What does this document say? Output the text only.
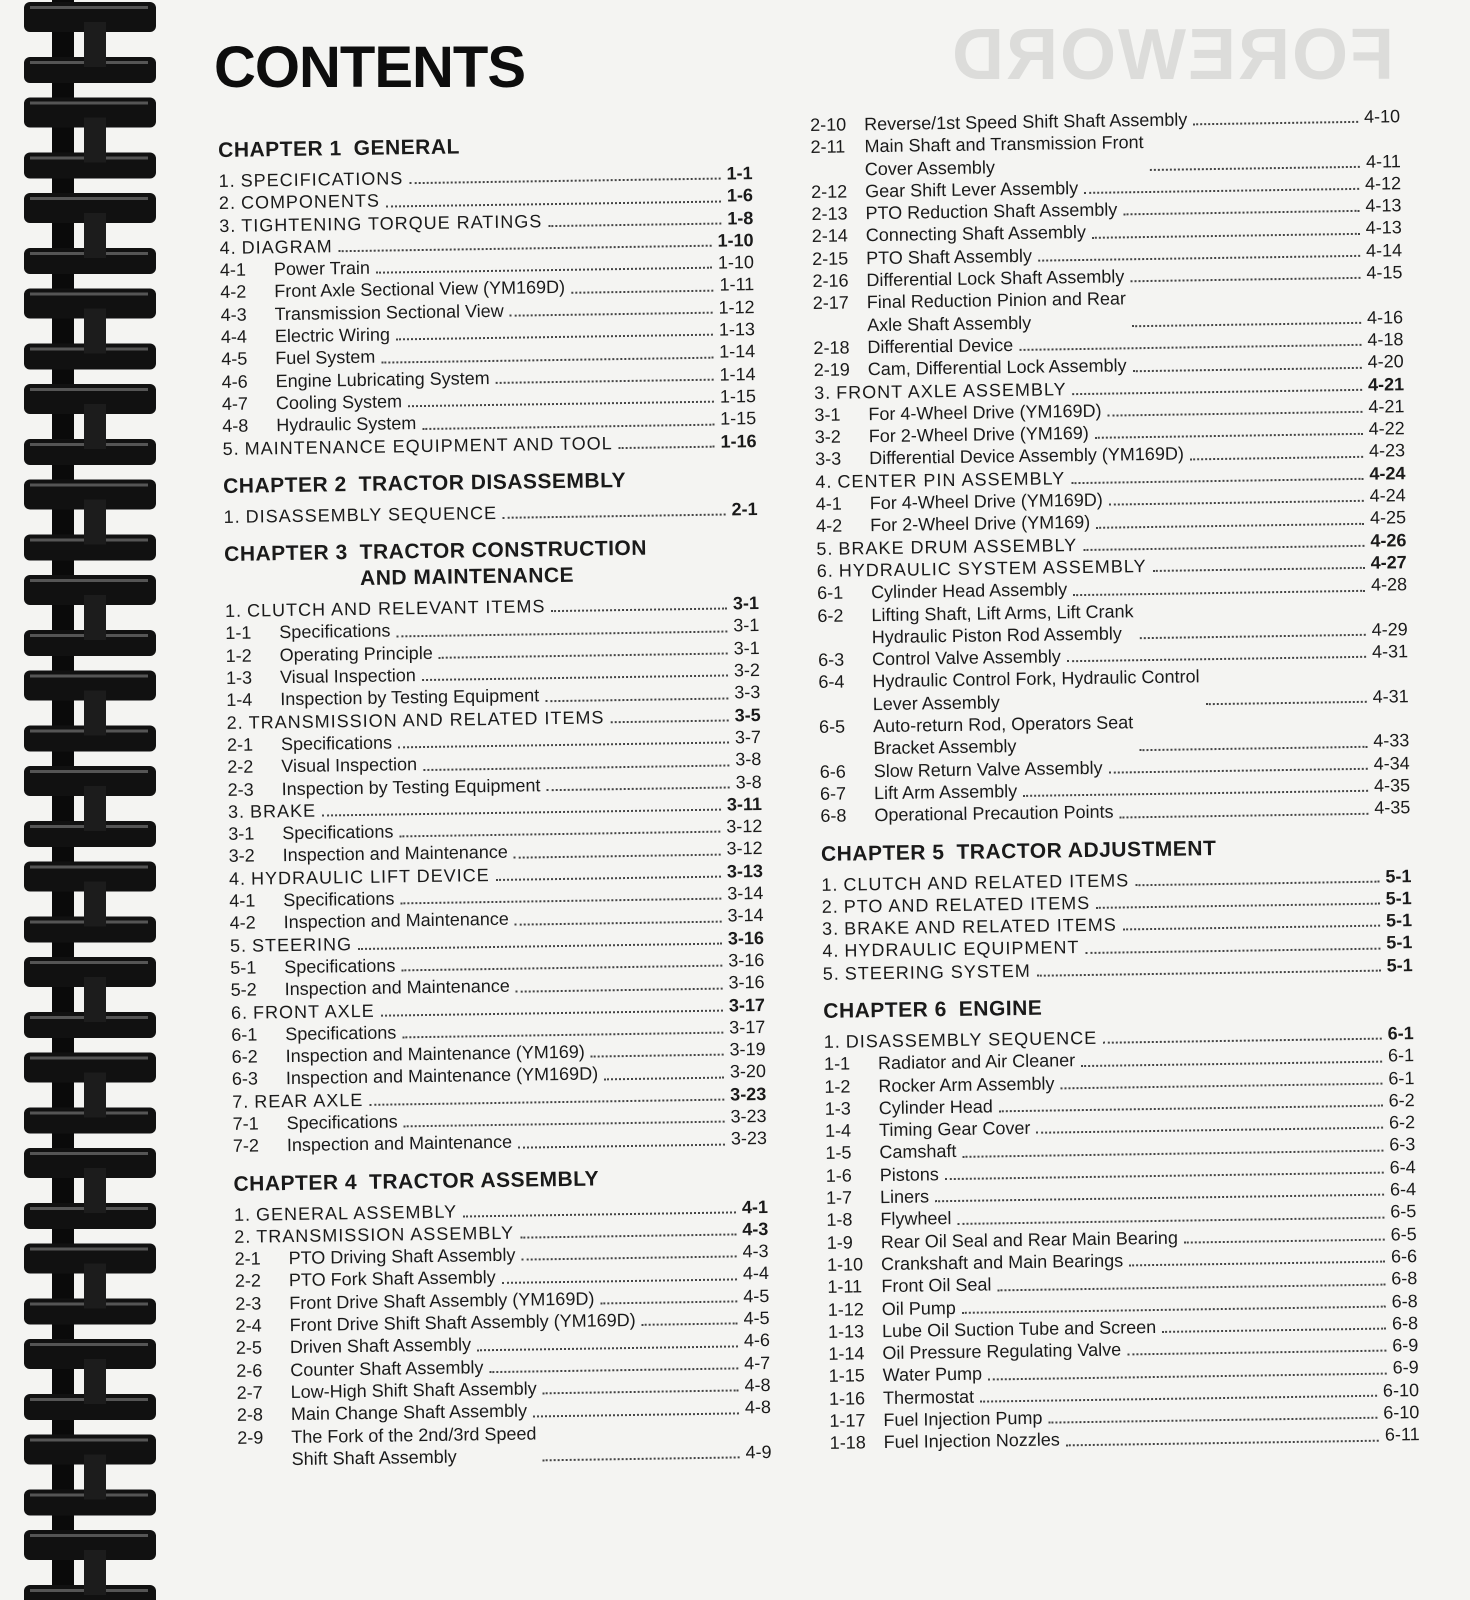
FOREWORD
CONTENTS
CHAPTER 1 GENERAL
1. SPECIFICATIONS	1-1
2. COMPONENTS	1-6
3. TIGHTENING TORQUE RATINGS	1-8
4. DIAGRAM	1-10
4-1	Power Train	1-10
4-2	Front Axle Sectional View (YM169D)	1-11
4-3	Transmission Sectional View	1-12
4-4	Electric Wiring	1-13
4-5	Fuel System	1-14
4-6	Engine Lubricating System	1-14
4-7	Cooling System	1-15
4-8	Hydraulic System	1-15
5. MAINTENANCE EQUIPMENT AND TOOL	1-16
CHAPTER 2 TRACTOR DISASSEMBLY
1. DISASSEMBLY SEQUENCE	2-1
CHAPTER 3 TRACTOR CONSTRUCTION
AND MAINTENANCE
1. CLUTCH AND RELEVANT ITEMS	3-1
1-1	Specifications	3-1
1-2	Operating Principle	3-1
1-3	Visual Inspection	3-2
1-4	Inspection by Testing Equipment	3-3
2. TRANSMISSION AND RELATED ITEMS	3-5
2-1	Specifications	3-7
2-2	Visual Inspection	3-8
2-3	Inspection by Testing Equipment	3-8
3. BRAKE	3-11
3-1	Specifications	3-12
3-2	Inspection and Maintenance	3-12
4. HYDRAULIC LIFT DEVICE	3-13
4-1	Specifications	3-14
4-2	Inspection and Maintenance	3-14
5. STEERING	3-16
5-1	Specifications	3-16
5-2	Inspection and Maintenance	3-16
6. FRONT AXLE	3-17
6-1	Specifications	3-17
6-2	Inspection and Maintenance (YM169)	3-19
6-3	Inspection and Maintenance (YM169D)	3-20
7. REAR AXLE	3-23
7-1	Specifications	3-23
7-2	Inspection and Maintenance	3-23
CHAPTER 4 TRACTOR ASSEMBLY
1. GENERAL ASSEMBLY	4-1
2. TRANSMISSION ASSEMBLY	4-3
2-1	PTO Driving Shaft Assembly	4-3
2-2	PTO Fork Shaft Assembly	4-4
2-3	Front Drive Shaft Assembly (YM169D)	4-5
2-4	Front Drive Shift Shaft Assembly (YM169D)	4-5
2-5	Driven Shaft Assembly	4-6
2-6	Counter Shaft Assembly	4-7
2-7	Low-High Shift Shaft Assembly	4-8
2-8	Main Change Shaft Assembly	4-8
2-9	The Fork of the 2nd/3rd Speed
Shift Shaft Assembly	4-9
2-10 Reverse/1st Speed Shift Shaft Assembly	4-10
2-11	Main Shaft and Transmission Front
Cover Assembly	4-11
2-12 Gear Shift Lever Assembly	4-12
2-13 PTO Reduction Shaft Assembly	4-13
2-14 Connecting Shaft Assembly	4-13
2-15 PTO Shaft Assembly	4-14
2-16 Differential Lock Shaft Assembly	4-15
2-17 Final Reduction Pinion and Rear
Axle Shaft Assembly	4-16
2-18 Differential Device	4-18
2-19 Cam, Differential Lock Assembly	4-20
3. FRONT AXLE ASSEMBLY	4-21
3-1	For 4-Wheel Drive (YM169D)	4-21
3-2	For 2-Wheel Drive (YM169)	4-22
3-3	Differential Device Assembly (YM169D)	4-23
4. CENTER PIN ASSEMBLY	4-24
4-1	For 4-Wheel Drive (YM169D)	4-24
4-2	For 2-Wheel Drive (YM169)	4-25
5. BRAKE DRUM ASSEMBLY	4-26
6. HYDRAULIC SYSTEM ASSEMBLY	4-27
6-1	Cylinder Head Assembly	4-28
6-2	Lifting Shaft, Lift Arms, Lift Crank
Hydraulic Piston Rod Assembly	4-29
6-3	Control Valve Assembly	4-31
6-4	Hydraulic Control Fork, Hydraulic Control
Lever Assembly	4-31
6-5	Auto-return Rod, Operators Seat
Bracket Assembly	4-33
6-6	Slow Return Valve Assembly	4-34
6-7	Lift Arm Assembly	4-35
6-8	Operational Precaution Points	4-35
CHAPTER 5 TRACTOR ADJUSTMENT
1. CLUTCH AND RELATED ITEMS	5-1
2. PTO AND RELATED ITEMS	5-1
3. BRAKE AND RELATED ITEMS	5-1
4. HYDRAULIC EQUIPMENT	5-1
5. STEERING SYSTEM	5-1
CHAPTER 6 ENGINE
1. DISASSEMBLY SEQUENCE	6-1
1-1	Radiator and Air Cleaner	6-1
1-2	Rocker Arm Assembly	6-1
1-3	Cylinder Head	6-2
1-4	Timing Gear Cover	6-2
1-5	Camshaft	6-3
1-6	Pistons	6-4
1-7	Liners	6-4
1-8	Flywheel	6-5
1-9	Rear Oil Seal and Rear Main Bearing	6-5
1-10 Crankshaft and Main Bearings	6-6
1-11	Front Oil Seal	6-8
1-12 Oil Pump	6-8
1-13 Lube Oil Suction Tube and Screen	6-8
1-14 Oil Pressure Regulating Valve	6-9
1-15 Water Pump	6-9
1-16 Thermostat	6-10
1-17 Fuel Injection Pump	6-10
1-18 Fuel Injection Nozzles	6-11
